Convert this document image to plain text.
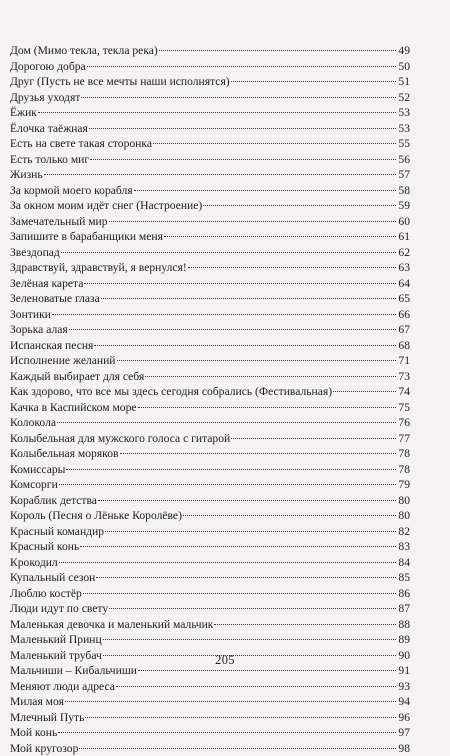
Дом (Мимо текла, текла река)	49
Дорогою добра	50
Друг (Пусть не все мечты наши исполнятся)	51
Друзья уходят	52
Ёжик	53
Ёлочка таёжная	53
Есть на свете такая сторонка	55
Есть только миг	56
Жизнь	57
За кормой моего корабля	58
За окном моим идёт снег (Настроение)	59
Замечательный мир	60
Запишите в барабанщики меня	61
Звездопад	62
Здравствуй, здравствуй, я вернулся!	63
Зелёная карета	64
Зеленоватые глаза	65
Зонтики	66
Зорька алая	67
Испанская песня	68
Исполнение желаний	71
Каждый выбирает для себя	73
Как здорово, что все мы здесь сегодня собрались (Фестивальная)	74
Качка в Каспийском море	75
Колокола	76
Колыбельная для мужского голоса с гитарой	77
Колыбельная моряков	78
Комиссары	78
Комсорги	79
Кораблик детства	80
Король (Песня о Лёньке Королёве)	80
Красный командир	82
Красный конь	83
Крокодил	84
Купальный сезон	85
Люблю костёр	86
Люди идут по свету	87
Маленькая девочка и маленький мальчик	88
Маленький Принц	89
Маленький трубач	90
Мальчиши – Кибальчиши	91
Меняют люди адреса	93
Милая моя	94
Млечный Путь	96
Мой конь	97
Мой кругозор	98
205
